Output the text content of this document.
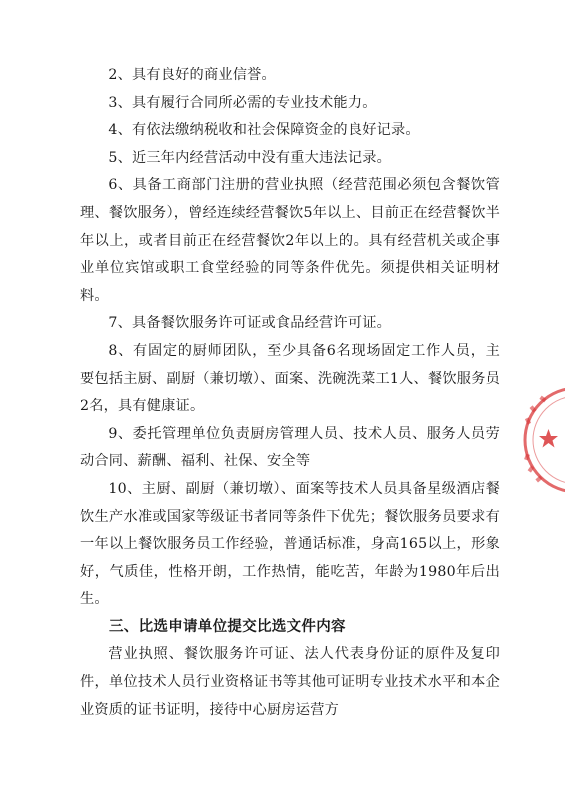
2、具有良好的商业信誉。

3、具有履行合同所必需的专业技术能力。

4、有依法缴纳税收和社会保障资金的良好记录。

5、近三年内经营活动中没有重大违法记录。

6、具备工商部门注册的营业执照（经营范围必须包含餐饮管理、餐饮服务），曾经连续经营餐饮5年以上、目前正在经营餐饮半年以上，或者目前正在经营餐饮2年以上的。具有经营机关或企事业单位宾馆或职工食堂经验的同等条件优先。须提供相关证明材料。

7、具备餐饮服务许可证或食品经营许可证。

8、有固定的厨师团队，至少具备6名现场固定工作人员，主要包括主厨、副厨（兼切墩）、面案、洗碗洗菜工1人、餐饮服务员2名，具有健康证。

9、委托管理单位负责厨房管理人员、技术人员、服务人员劳动合同、薪酬、福利、社保、安全等

10、主厨、副厨（兼切墩）、面案等技术人员具备星级酒店餐饮生产水准或国家等级证书者同等条件下优先；餐饮服务员要求有一年以上餐饮服务员工作经验，普通话标准，身高165以上，形象好，气质佳，性格开朗，工作热情，能吃苦，年龄为1980年后出生。

三、比选申请单位提交比选文件内容

营业执照、餐饮服务许可证、法人代表身份证的原件及复印件，单位技术人员行业资格证书等其他可证明专业技术水平和本企业资质的证书证明，接待中心厨房运营方
